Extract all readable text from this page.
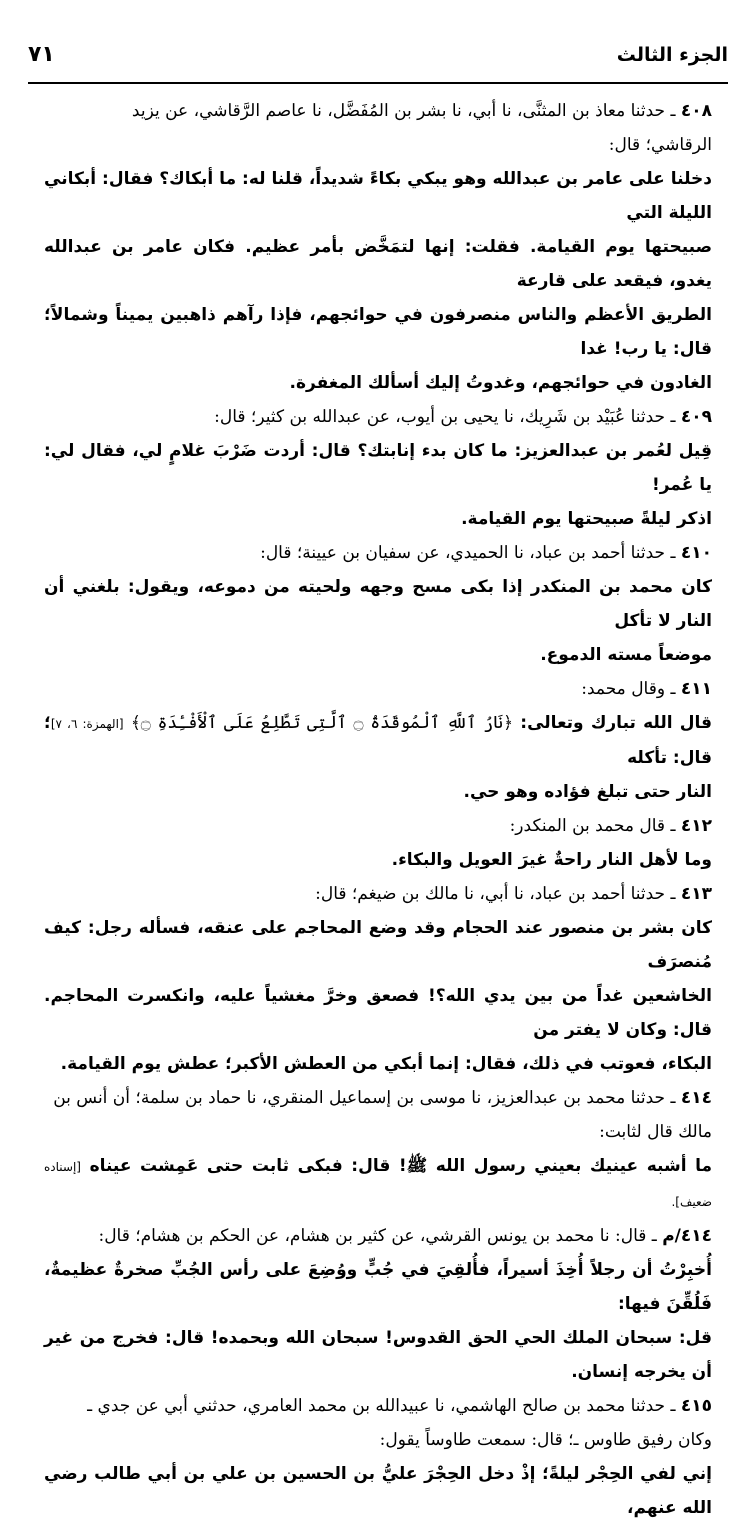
الجزء الثالث
٧١

٤٠٨ ـ حدثنا معاذ بن المثنَّى، نا أبي، نا بشر بن المُفَضَّل، نا عاصم الرَّقاشي، عن يزيد

الرقاشي؛ قال:

دخلنا على عامر بن عبدالله وهو يبكي بكاءً شديداً، قلنا له: ما أبكاك؟ فقال: أبكاني الليلة التي

صبيحتها يوم القيامة. فقلت: إنها لتمَخَّض بأمر عظيم. فكان عامر بن عبدالله يغدو، فيقعد على قارعة

الطريق الأعظم والناس منصرفون في حوائجهم، فإذا رآهم ذاهبين يميناً وشمالاً؛ قال: يا رب! غدا

الغادون في حوائجهم، وغدوتُ إليك أسألك المغفرة.

٤٠٩ ـ حدثنا عُبَيْد بن شَرِيك، نا يحيى بن أيوب، عن عبدالله بن كثير؛ قال:

قِيل لعُمر بن عبدالعزيز: ما كان بدء إنابتك؟ قال: أردت ضَرْبَ غلامٍ لي، فقال لي: يا عُمر!

اذكر ليلةً صبيحتها يوم القيامة.

٤١٠ ـ حدثنا أحمد بن عباد، نا الحميدي، عن سفيان بن عيينة؛ قال:

كان محمد بن المنكدر إذا بكى مسح وجهه ولحيته من دموعه، ويقول: بلغني أن النار لا تأكل

موضعاً مسته الدموع.

٤١١ ـ وقال محمد:

قال الله تبارك وتعالى: ﴿نَارُ ٱللَّهِ ٱلْمُوقَدَةُ ۝ ٱلَّتِى تَطَّلِعُ عَلَى ٱلْأَفْـِٔدَةِ ۝﴾ [الهمزة: ٦، ٧]؛ قال: تأكله

النار حتى تبلغ فؤاده وهو حي.

٤١٢ ـ قال محمد بن المنكدر:

وما لأهل النار راحةٌ غيرَ العويل والبكاء.

٤١٣ ـ حدثنا أحمد بن عباد، نا أبي، نا مالك بن ضيغم؛ قال:

كان بشر بن منصور عند الحجام وقد وضع المحاجم على عنقه، فسأله رجل: كيف مُنصرَف

الخاشعين غداً من بين يدي الله؟! فصعق وخرَّ مغشياً عليه، وانكسرت المحاجم. قال: وكان لا يفتر من

البكاء، فعوتب في ذلك، فقال: إنما أبكي من العطش الأكبر؛ عطش يوم القيامة.

٤١٤ ـ حدثنا محمد بن عبدالعزيز، نا موسى بن إسماعيل المنقري، نا حماد بن سلمة؛ أن أنس بن

مالك قال لثابت:

ما أشبه عينيك بعيني رسول الله ﷺ! قال: فبكى ثابت حتى عَمِشت عيناه [إسناده ضعيف].

٤١٤/م ـ قال: نا محمد بن يونس القرشي، عن كثير بن هشام، عن الحكم بن هشام؛ قال:

أُخبِرْتُ أن رجلاً أُخِذَ أسيراً، فأُلقِيَ في جُبٍّ ووُضِعَ على رأس الجُبِّ صخرةٌ عظيمةٌ، فَلُقِّنَ فيها:

قل: سبحان الملك الحي الحق القدوس! سبحان الله وبحمده! قال: فخرج من غير أن يخرجه إنسان.

٤١٥ ـ حدثنا محمد بن صالح الهاشمي، نا عبيدالله بن محمد العامري، حدثني أبي عن جدي ـ

وكان رفيق طاوس ـ؛ قال: سمعت طاوساً يقول:

إني لفي الحِجْر ليلةً؛ إذْ دخل الحِجْرَ عليُّ بن الحسين بن علي بن أبي طالب رضي الله عنهم،
